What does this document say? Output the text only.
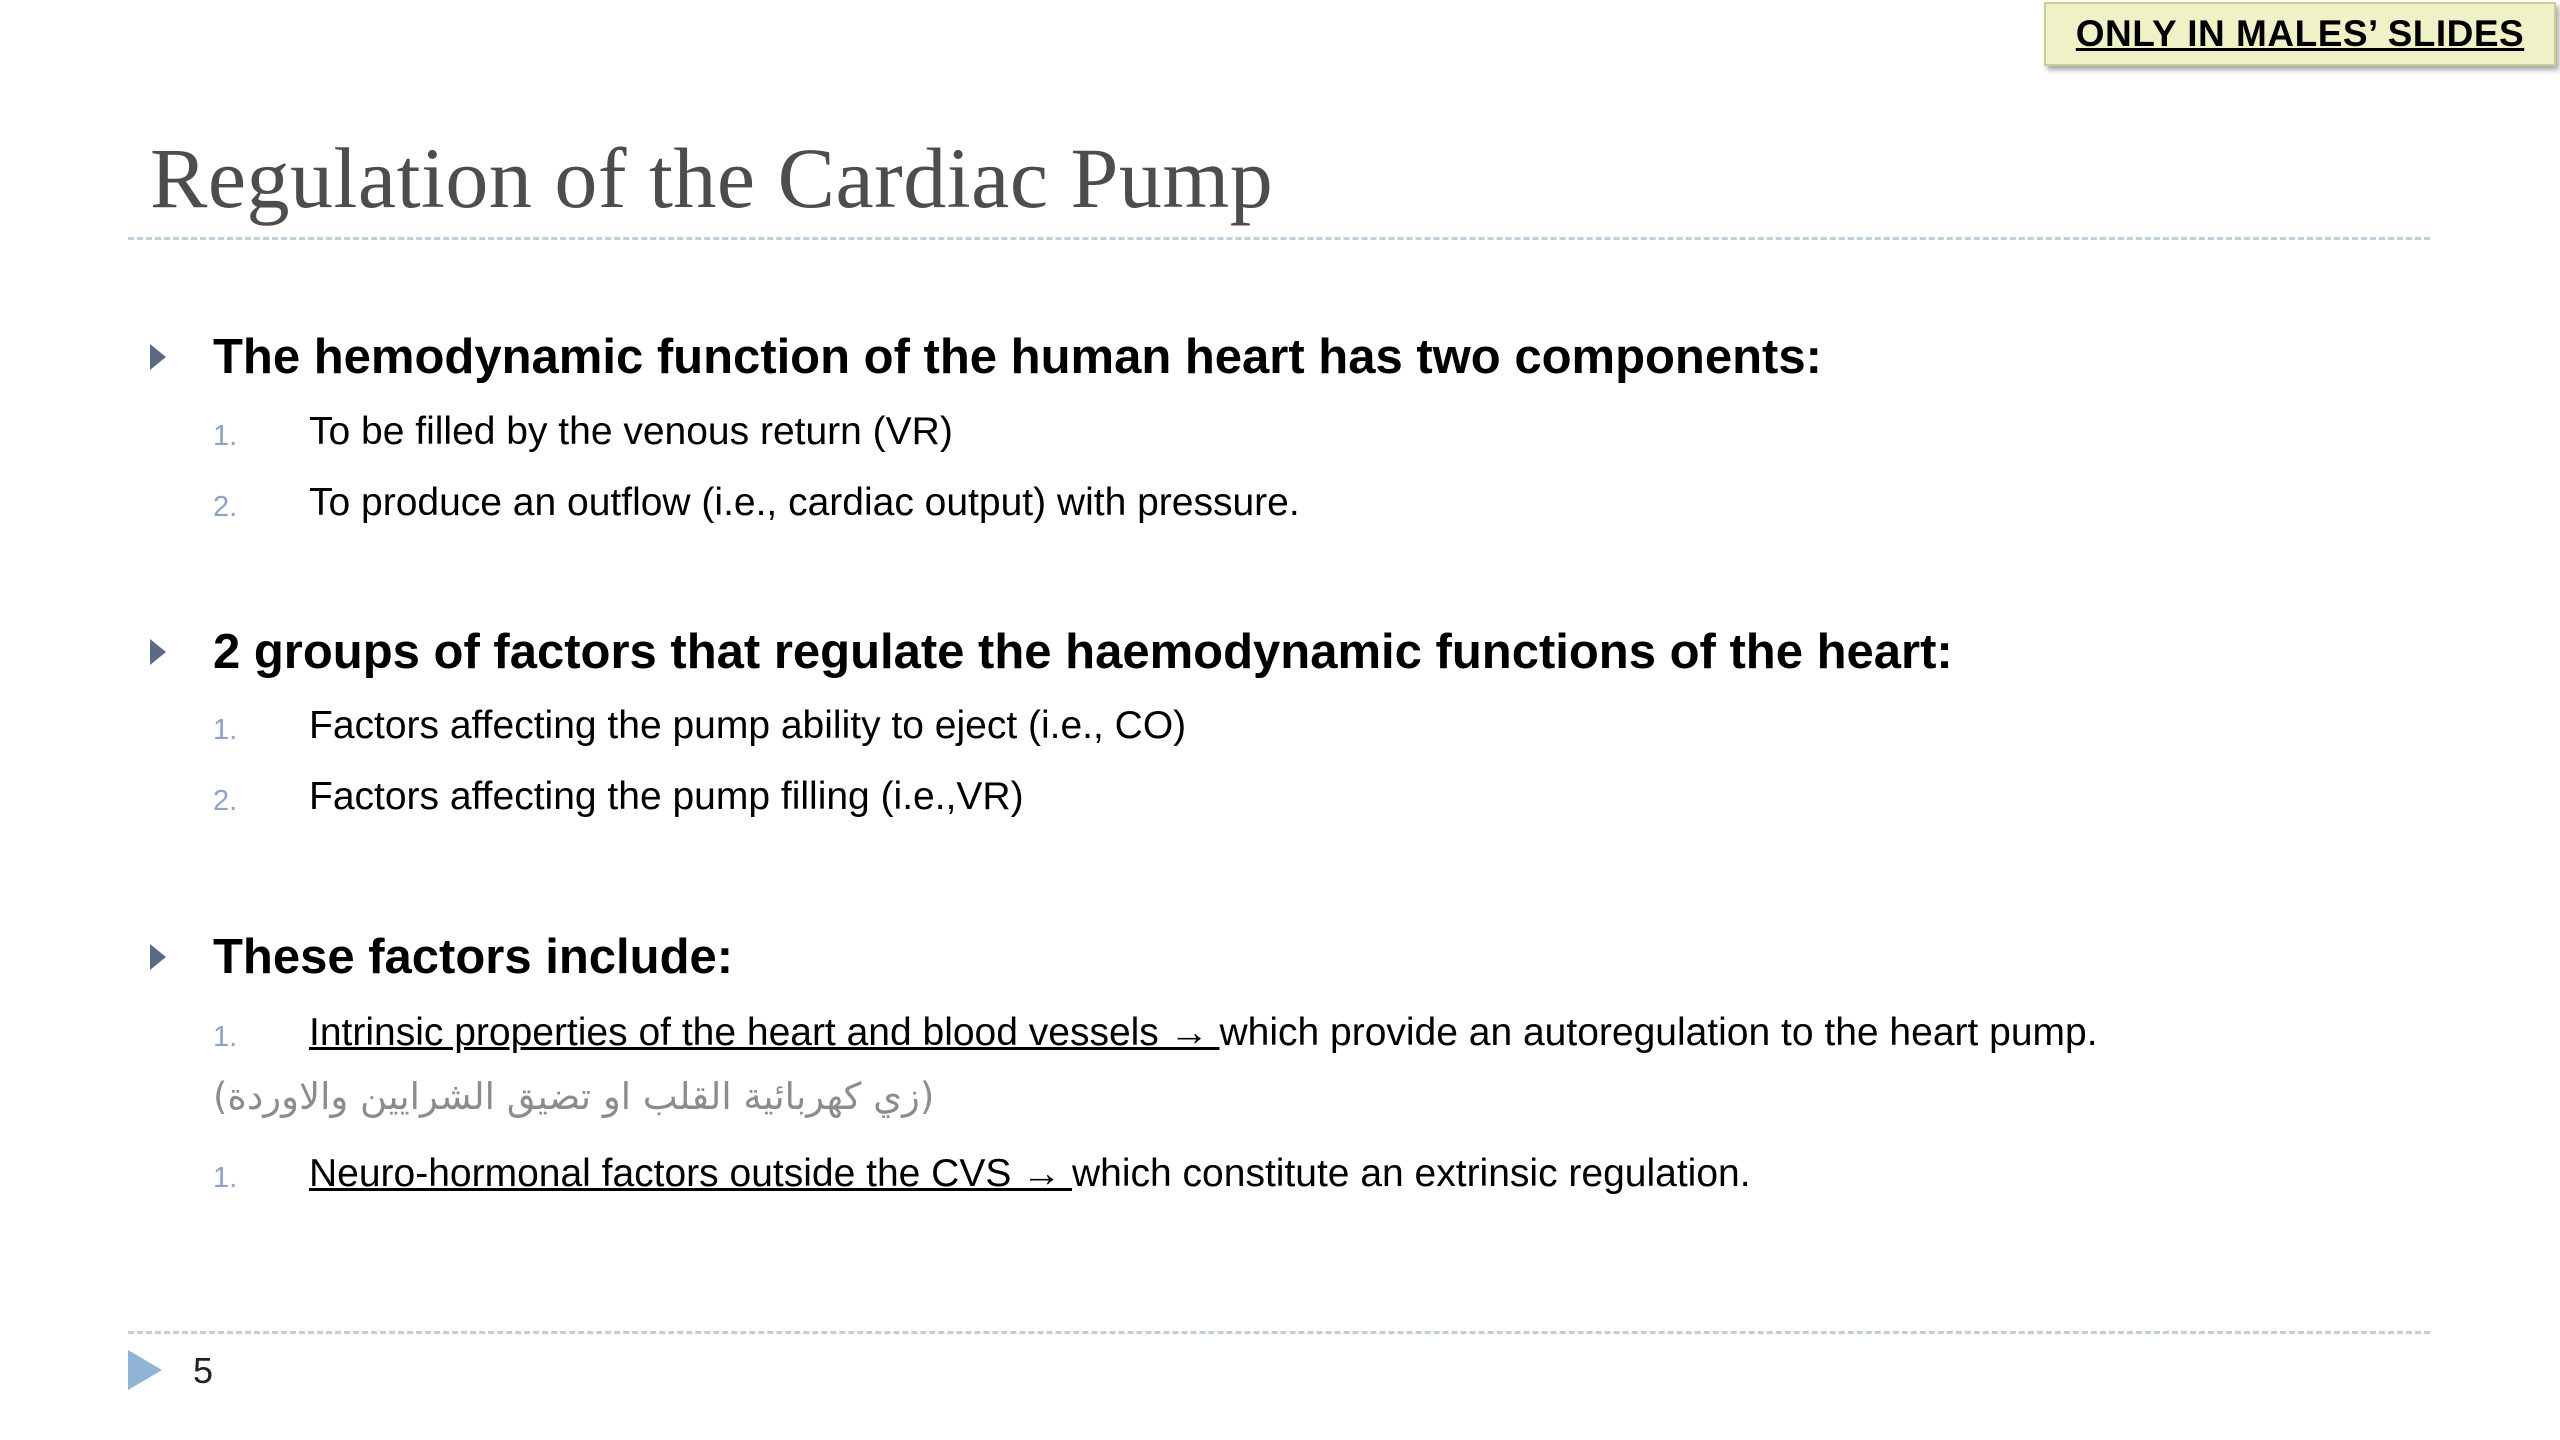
ONLY IN MALES’ SLIDES
Regulation of the Cardiac Pump
The hemodynamic function of the human heart has two components:
1. To be filled by the venous return (VR)
2. To produce an outflow (i.e., cardiac output) with pressure.
2 groups of factors that regulate the haemodynamic functions of the heart:
1. Factors affecting the pump ability to eject (i.e., CO)
2. Factors affecting the pump filling (i.e.,VR)
These factors include:
1. Intrinsic properties of the heart and blood vessels → which provide an autoregulation to the heart pump.
(زي كهربائية القلب او تضيق الشرايين والاوردة)
1. Neuro-hormonal factors outside the CVS → which constitute an extrinsic regulation.
5
